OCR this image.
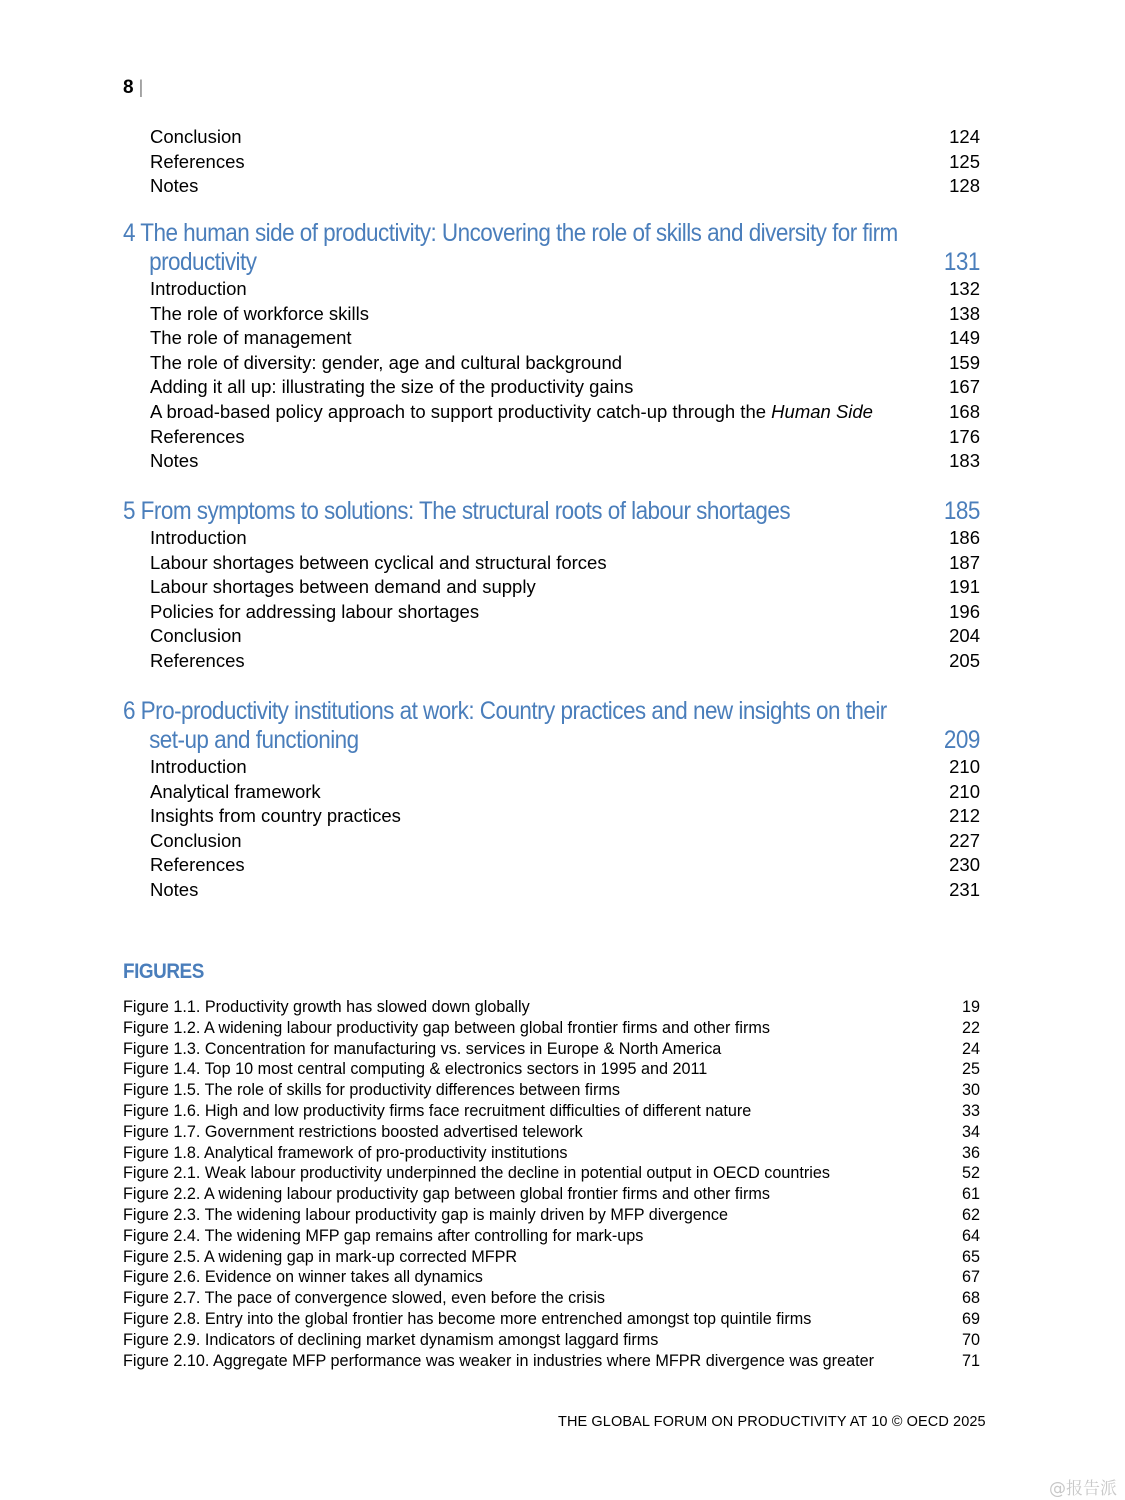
8 |
Conclusion	124
References	125
Notes	128
4 The human side of productivity: Uncovering the role of skills and diversity for firm
productivity	131
Introduction	132
The role of workforce skills	138
The role of management	149
The role of diversity: gender, age and cultural background	159
Adding it all up: illustrating the size of the productivity gains	167
A broad-based policy approach to support productivity catch-up through the Human Side	168
References	176
Notes	183
5 From symptoms to solutions: The structural roots of labour shortages	185
Introduction	186
Labour shortages between cyclical and structural forces	187
Labour shortages between demand and supply	191
Policies for addressing labour shortages	196
Conclusion	204
References	205
6 Pro-productivity institutions at work: Country practices and new insights on their
set-up and functioning	209
Introduction	210
Analytical framework	210
Insights from country practices	212
Conclusion	227
References	230
Notes	231
FIGURES
Figure 1.1. Productivity growth has slowed down globally	19
Figure 1.2. A widening labour productivity gap between global frontier firms and other firms	22
Figure 1.3. Concentration for manufacturing vs. services in Europe & North America	24
Figure 1.4. Top 10 most central computing & electronics sectors in 1995 and 2011	25
Figure 1.5. The role of skills for productivity differences between firms	30
Figure 1.6. High and low productivity firms face recruitment difficulties of different nature	33
Figure 1.7. Government restrictions boosted advertised telework	34
Figure 1.8. Analytical framework of pro-productivity institutions	36
Figure 2.1. Weak labour productivity underpinned the decline in potential output in OECD countries	52
Figure 2.2. A widening labour productivity gap between global frontier firms and other firms	61
Figure 2.3. The widening labour productivity gap is mainly driven by MFP divergence	62
Figure 2.4. The widening MFP gap remains after controlling for mark-ups	64
Figure 2.5. A widening gap in mark-up corrected MFPR	65
Figure 2.6. Evidence on winner takes all dynamics	67
Figure 2.7. The pace of convergence slowed, even before the crisis	68
Figure 2.8. Entry into the global frontier has become more entrenched amongst top quintile firms	69
Figure 2.9. Indicators of declining market dynamism amongst laggard firms	70
Figure 2.10. Aggregate MFP performance was weaker in industries where MFPR divergence was greater	71
THE GLOBAL FORUM ON PRODUCTIVITY AT 10 © OECD 2025
@报告派
